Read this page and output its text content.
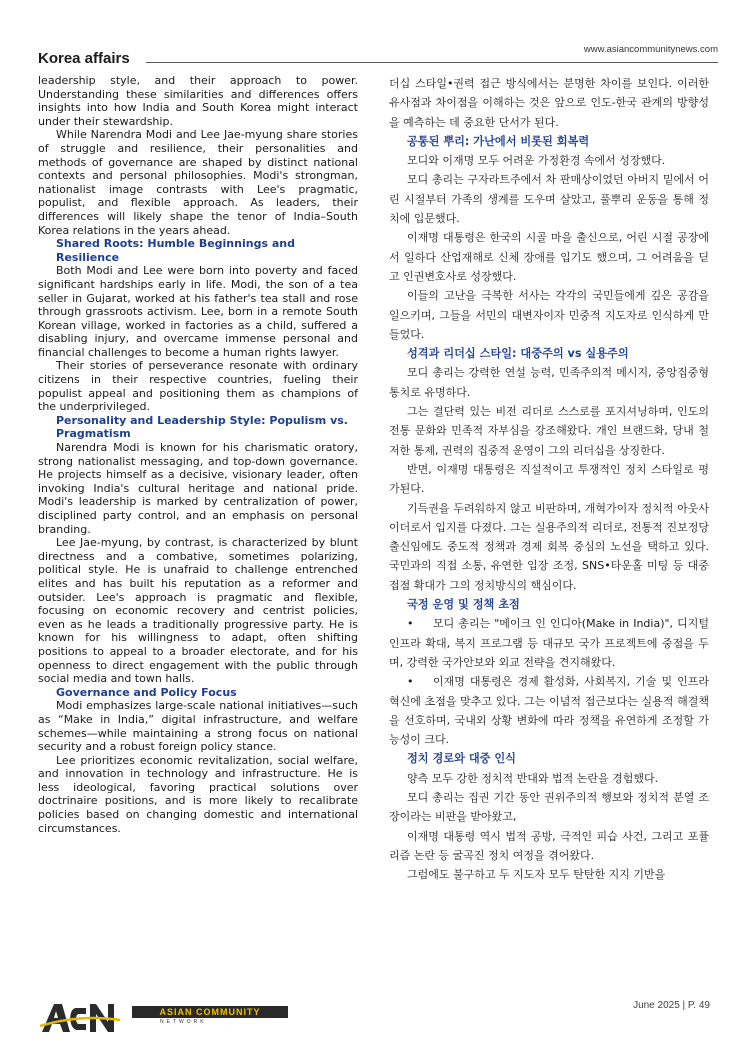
Korea affairs
www.asiancommunitynews.com

leadership style, and their approach to power. Understanding these similarities and differences offers insights into how India and South Korea might interact under their stewardship.

While Narendra Modi and Lee Jae-myung share stories of struggle and resilience, their personalities and methods of governance are shaped by distinct national contexts and personal philosophies. Modi's strongman, nationalist image contrasts with Lee's pragmatic, populist, and flexible approach. As leaders, their differences will likely shape the tenor of India–South Korea relations in the years ahead.

Shared Roots: Humble Beginnings and Resilience

Both Modi and Lee were born into poverty and faced significant hardships early in life. Modi, the son of a tea seller in Gujarat, worked at his father's tea stall and rose through grassroots activism. Lee, born in a remote South Korean village, worked in factories as a child, suffered a disabling injury, and overcame immense personal and financial challenges to become a human rights lawyer.

Their stories of perseverance resonate with ordinary citizens in their respective countries, fueling their populist appeal and positioning them as champions of the underprivileged.

Personality and Leadership Style: Populism vs. Pragmatism

Narendra Modi is known for his charismatic oratory, strong nationalist messaging, and top-down governance. He projects himself as a decisive, visionary leader, often invoking India's cultural heritage and national pride. Modi's leadership is marked by centralization of power, disciplined party control, and an emphasis on personal branding.

Lee Jae-myung, by contrast, is characterized by blunt directness and a combative, sometimes polarizing, political style. He is unafraid to challenge entrenched elites and has built his reputation as a reformer and outsider. Lee's approach is pragmatic and flexible, focusing on economic recovery and centrist policies, even as he leads a traditionally progressive party. He is known for his willingness to adapt, often shifting positions to appeal to a broader electorate, and for his openness to direct engagement with the public through social media and town halls.

Governance and Policy Focus

Modi emphasizes large-scale national initiatives—such as “Make in India,” digital infrastructure, and welfare schemes—while maintaining a strong focus on national security and a robust foreign policy stance.

Lee prioritizes economic revitalization, social welfare, and innovation in technology and infrastructure. He is less ideological, favoring practical solutions over doctrinaire positions, and is more likely to recalibrate policies based on changing domestic and international circumstances.

더십 스타일•권력 접근 방식에서는 분명한 차이를 보인다. 이러한 유사점과 차이점을 이해하는 것은 앞으로 인도-한국 관계의 방향성을 예측하는 데 중요한 단서가 된다.

공통된 뿌리: 가난에서 비롯된 회복력

모디와 이재명 모두 어려운 가정환경 속에서 성장했다.

모디 총리는 구자라트주에서 차 판매상이었던 아버지 밑에서 어린 시절부터 가족의 생계를 도우며 살았고, 풀뿌리 운동을 통해 정치에 입문했다.

이재명 대통령은 한국의 시골 마을 출신으로, 어린 시절 공장에서 일하다 산업재해로 신체 장애를 입기도 했으며, 그 어려움을 딛고 인권변호사로 성장했다.

이들의 고난을 극복한 서사는 각각의 국민들에게 깊은 공감을 일으키며, 그들을 서민의 대변자이자 민중적 지도자로 인식하게 만들었다.

성격과 리더십 스타일: 대중주의 vs 실용주의

모디 총리는 강력한 연설 능력, 민족주의적 메시지, 중앙집중형 통치로 유명하다.

그는 결단력 있는 비전 리더로 스스로를 포지셔닝하며, 인도의 전통 문화와 민족적 자부심을 강조해왔다. 개인 브랜드화, 당내 철저한 통제, 권력의 집중적 운영이 그의 리더십을 상징한다.

반면, 이재명 대통령은 직설적이고 투쟁적인 정치 스타일로 평가된다.

기득권을 두려워하지 않고 비판하며, 개혁가이자 정치적 아웃사이더로서 입지를 다졌다. 그는 실용주의적 리더로, 전통적 진보정당 출신임에도 중도적 정책과 경제 회복 중심의 노선을 택하고 있다. 국민과의 직접 소통, 유연한 입장 조정, SNS•타운홀 미팅 등 대중 접점 확대가 그의 정치방식의 핵심이다.

국정 운영 및 정책 초점

• 모디 총리는 "메이크 인 인디아(Make in India)", 디지털 인프라 확대, 복지 프로그램 등 대규모 국가 프로젝트에 중점을 두며, 강력한 국가안보와 외교 전략을 견지해왔다.

• 이재명 대통령은 경제 활성화, 사회복지, 기술 및 인프라 혁신에 초점을 맞추고 있다. 그는 이념적 접근보다는 실용적 해결책을 선호하며, 국내외 상황 변화에 따라 정책을 유연하게 조정할 가능성이 크다.

정치 경로와 대중 인식

양측 모두 강한 정치적 반대와 법적 논란을 경험했다.

모디 총리는 집권 기간 동안 권위주의적 행보와 정치적 분열 조장이라는 비판을 받아왔고,

이재명 대통령 역시 법적 공방, 극적인 피습 사건, 그리고 포퓰리즘 논란 등 굴곡진 정치 여정을 겪어왔다.

그럼에도 불구하고 두 지도자 모두 탄탄한 지지 기반을

ASIAN COMMUNITY
NETWORK
June 2025 | P. 49
